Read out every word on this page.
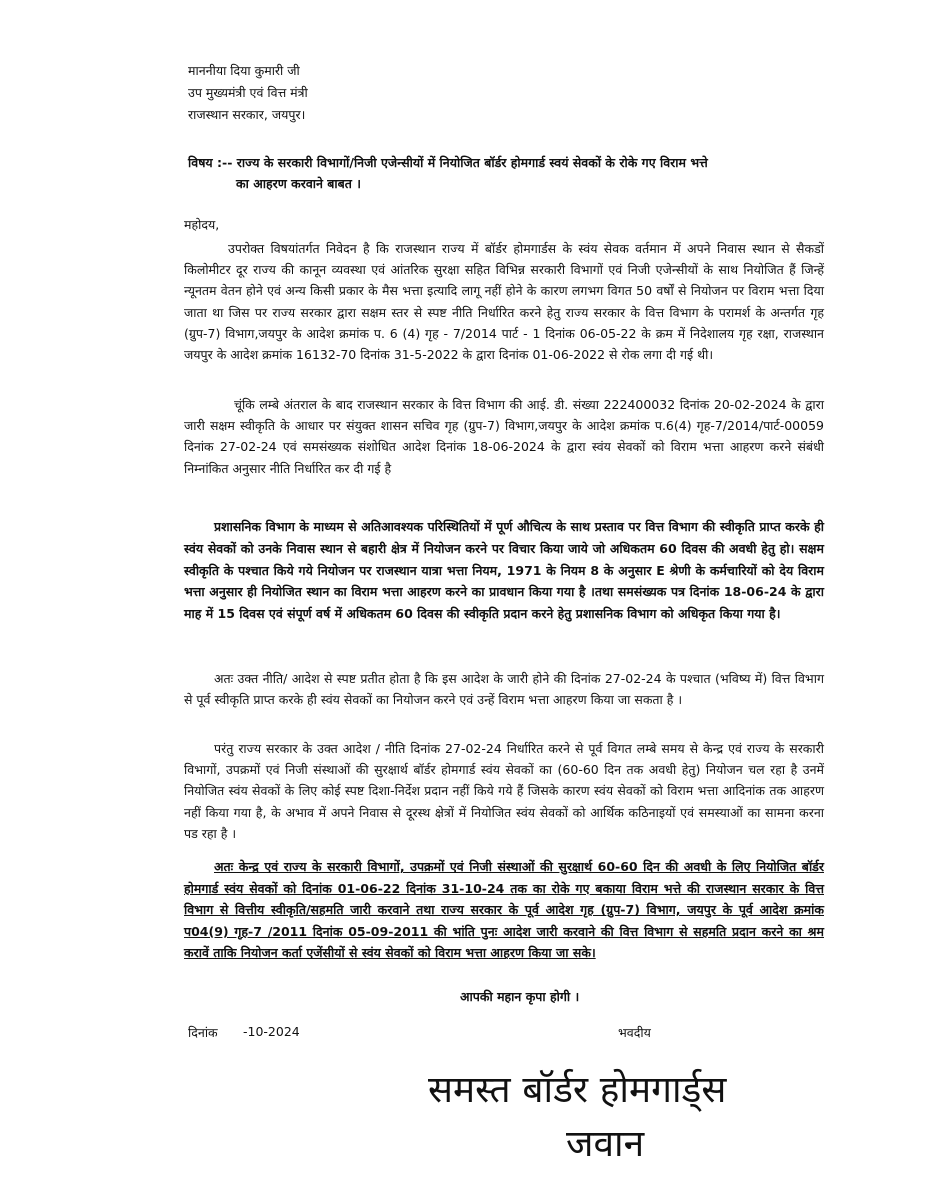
माननीया दिया कुमारी जी
उप मुख्यमंत्री एवं वित्त मंत्री
राजस्थान सरकार, जयपुर।
विषय :-- राज्य के सरकारी विभागों/निजी एजेन्सीयों में नियोजित बॉर्डर होमगार्ड स्वयं सेवकों के रोके गए विराम भत्ते
का आहरण करवाने बाबत ।
महोदय,

उपरोक्त विषयांतर्गत निवेदन है कि राजस्थान राज्य में बॉर्डर होमगार्डस के स्वंय सेवक वर्तमान में अपने निवास स्थान से सैकडों किलोमीटर दूर राज्य की कानून व्यवस्था एवं आंतरिक सुरक्षा सहित विभिन्न सरकारी विभागों एवं निजी एजेन्सीयों के साथ नियोजित हैं जिन्हें न्यूनतम वेतन होने एवं अन्य किसी प्रकार के मैस भत्ता इत्यादि लागू नहीं होने के कारण लगभग विगत 50 वर्षों से नियोजन पर विराम भत्ता दिया जाता था जिस पर राज्य सरकार द्वारा सक्षम स्तर से स्पष्ट नीति निर्धारित करने हेतु राज्य सरकार के वित्त विभाग के परामर्श के अन्तर्गत गृह (ग्रुप-7) विभाग,जयपुर के आदेश क्रमांक प. 6 (4) गृह - 7/2014 पार्ट - 1 दिनांक 06-05-22 के क्रम में निदेशालय गृह रक्षा, राजस्थान जयपुर के आदेश क्रमांक 16132-70 दिनांक 31-5-2022 के द्वारा दिनांक 01-06-2022 से रोक लगा दी गई थी।

चूंकि लम्बे अंतराल के बाद राजस्थान सरकार के वित्त विभाग की आई. डी. संख्या 222400032 दिनांक 20-02-2024 के द्वारा जारी सक्षम स्वीकृति के आधार पर संयुक्त शासन सचिव गृह (ग्रुप-7) विभाग,जयपुर के आदेश क्रमांक प.6(4) गृह-7/2014/पार्ट-00059 दिनांक 27-02-24 एवं समसंख्यक संशोधित आदेश दिनांक 18-06-2024 के द्वारा स्वंय सेवकों को विराम भत्ता आहरण करने संबंधी निम्नांकित अनुसार नीति निर्धारित कर दी गई है

प्रशासनिक विभाग के माध्यम से अतिआवश्यक परिस्थितियों में पूर्ण औचित्य के साथ प्रस्ताव पर वित्त विभाग की स्वीकृति प्राप्त करके ही स्वंय सेवकों को उनके निवास स्थान से बहारी क्षेत्र में नियोजन करने पर विचार किया जाये जो अधिकतम 60 दिवस की अवधी हेतु हो। सक्षम स्वीकृति के पश्चात किये गये नियोजन पर राजस्थान यात्रा भत्ता नियम, 1971 के नियम 8 के अनुसार E श्रेणी के कर्मचारियों को देय विराम भत्ता अनुसार ही नियोजित स्थान का विराम भत्ता आहरण करने का प्रावधान किया गया है ।तथा समसंख्यक पत्र दिनांक 18-06-24 के द्वारा माह में 15 दिवस एवं संपूर्ण वर्ष में अधिकतम 60 दिवस की स्वीकृति प्रदान करने हेतु प्रशासनिक विभाग को अधिकृत किया गया है।

अतः उक्त नीति/ आदेश से स्पष्ट प्रतीत होता है कि इस आदेश के जारी होने की दिनांक 27-02-24 के पश्चात (भविष्य में) वित्त विभाग से पूर्व स्वीकृति प्राप्त करके ही स्वंय सेवकों का नियोजन करने एवं उन्हें विराम भत्ता आहरण किया जा सकता है ।

परंतु राज्य सरकार के उक्त आदेश / नीति दिनांक 27-02-24 निर्धारित करने से पूर्व विगत लम्बे समय से केन्द्र एवं राज्य के सरकारी विभागों, उपक्रमों एवं निजी संस्थाओं की सुरक्षार्थ बॉर्डर होमगार्ड स्वंय सेवकों का (60-60 दिन तक अवधी हेतु) नियोजन चल रहा है उनमें नियोजित स्वंय सेवकों के लिए कोई स्पष्ट दिशा-निर्देश प्रदान नहीं किये गये हैं जिसके कारण स्वंय सेवकों को विराम भत्ता आदिनांक तक आहरण नहीं किया गया है, के अभाव में अपने निवास से दूरस्थ क्षेत्रों में नियोजित स्वंय सेवकों को आर्थिक कठिनाइयों एवं समस्याओं का सामना करना पड रहा है ।

अतः केन्द्र एवं राज्य के सरकारी विभागों, उपक्रमों एवं निजी संस्थाओं की सुरक्षार्थ 60-60 दिन की अवधी के लिए नियोजित बॉर्डर होमगार्ड स्वंय सेवकों को दिनांक 01-06-22 दिनांक 31-10-24 तक का रोके गए बकाया विराम भत्ते की राजस्थान सरकार के वित्त विभाग से वित्तीय स्वीकृति/सहमति जारी करवाने तथा राज्य सरकार के पूर्व आदेश गृह (ग्रुप-7) विभाग, जयपुर के पूर्व आदेश क्रमांक प04(9) गृह-7 /2011 दिनांक 05-09-2011 की भांति पुनः आदेश जारी करवाने की वित्त विभाग से सहमति प्रदान करने का श्रम करावें ताकि नियोजन कर्ता एजेंसीयों से स्वंय सेवकों को विराम भत्ता आहरण किया जा सके।

आपकी महान कृपा होगी ।
दिनांक -10-2024	भवदीय
समस्त बॉर्डर होमगार्ड्स
जवान
